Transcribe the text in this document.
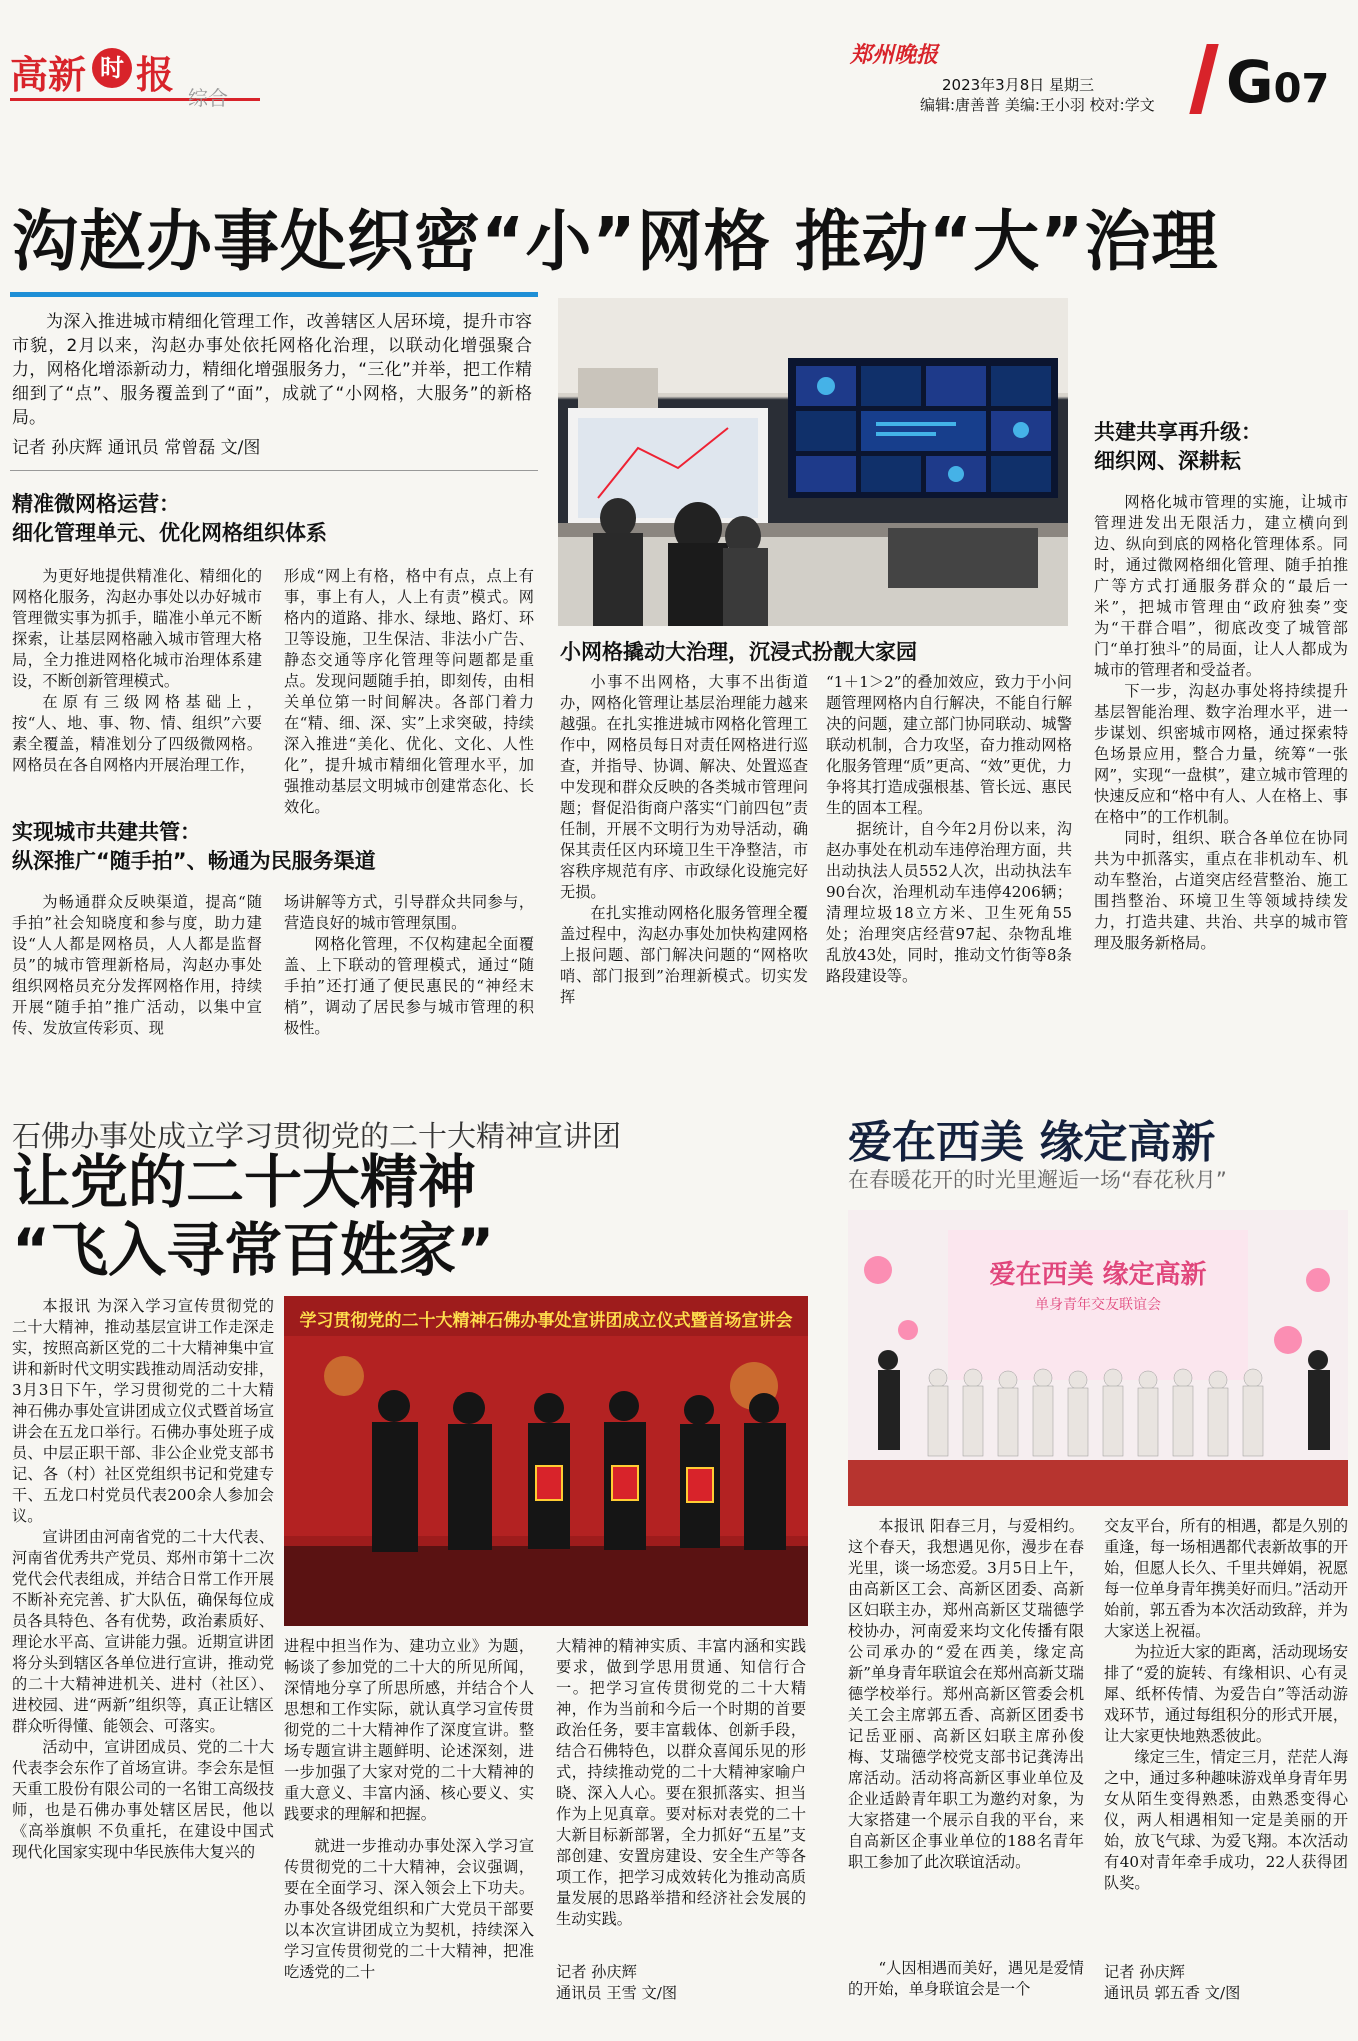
高新 时 报
综合
郑州晚报
2023年3月8日 星期三
编辑:唐善普 美编:王小羽 校对:学文 G07
沟赵办事处织密“小”网格 推动“大”治理

为深入推进城市精细化管理工作，改善辖区人居环境，提升市容市貌，2月以来，沟赵办事处依托网格化治理，以联动化增强聚合力，网格化增添新动力，精细化增强服务力，“三化”并举，把工作精细到了“点”、服务覆盖到了“面”，成就了“小网格，大服务”的新格局。

记者 孙庆辉 通讯员 常曾磊 文/图

精准微网格运营：

细化管理单元、优化网格组织体系

为更好地提供精准化、精细化的网格化服务，沟赵办事处以办好城市管理微实事为抓手，瞄准小单元不断探索，让基层网格融入城市管理大格局，全力推进网格化城市治理体系建设，不断创新管理模式。

在原有三级网格基础上，按“人、地、事、物、情、组织”六要素全覆盖，精准划分了四级微网格。网格员在各自网格内开展治理工作，

形成“网上有格，格中有点，点上有事，事上有人，人上有责”模式。网格内的道路、排水、绿地、路灯、环卫等设施，卫生保洁、非法小广告、静态交通等序化管理等问题都是重点。发现问题随手拍，即刻传，由相关单位第一时间解决。各部门着力在“精、细、深、实”上求突破，持续深入推进“美化、优化、文化、人性化”，提升城市精细化管理水平，加强推动基层文明城市创建常态化、长效化。

实现城市共建共管：

纵深推广“随手拍”、畅通为民服务渠道

为畅通群众反映渠道，提高“随手拍”社会知晓度和参与度，助力建设“人人都是网格员，人人都是监督员”的城市管理新格局，沟赵办事处组织网格员充分发挥网格作用，持续开展“随手拍”推广活动，以集中宣传、发放宣传彩页、现

场讲解等方式，引导群众共同参与，营造良好的城市管理氛围。

网格化管理，不仅构建起全面覆盖、上下联动的管理模式，通过“随手拍”还打通了便民惠民的“神经末梢”，调动了居民参与城市管理的积极性。

小网格撬动大治理，沉浸式扮靓大家园

小事不出网格，大事不出街道办，网格化管理让基层治理能力越来越强。在扎实推进城市网格化管理工作中，网格员每日对责任网格进行巡查，并指导、协调、解决、处置巡查中发现和群众反映的各类城市管理问题；督促沿街商户落实“门前四包”责任制，开展不文明行为劝导活动，确保其责任区内环境卫生干净整洁，市容秩序规范有序、市政绿化设施完好无损。

在扎实推动网格化服务管理全覆盖过程中，沟赵办事处加快构建网格上报问题、部门解决问题的“网格吹哨、部门报到”治理新模式。切实发挥

“1＋1＞2”的叠加效应，致力于小问题管理网格内自行解决，不能自行解决的问题，建立部门协同联动、城警联动机制，合力攻坚，奋力推动网格化服务管理“质”更高、“效”更优，力争将其打造成强根基、管长远、惠民生的固本工程。

据统计，自今年2月份以来，沟赵办事处在机动车违停治理方面，共出动执法人员552人次，出动执法车90台次，治理机动车违停4206辆；清理垃圾18立方米、卫生死角55处；治理突店经营97起、杂物乱堆乱放43处，同时，推动文竹街等8条路段建设等。

共建共享再升级：

细织网、深耕耘

网格化城市管理的实施，让城市管理进发出无限活力，建立横向到边、纵向到底的网格化管理体系。同时，通过微网格细化管理、随手拍推广等方式打通服务群众的“最后一米”，把城市管理由“政府独奏”变为“干群合唱”，彻底改变了城管部门“单打独斗”的局面，让人人都成为城市的管理者和受益者。

下一步，沟赵办事处将持续提升基层智能治理、数字治理水平，进一步谋划、织密城市网格，通过探索特色场景应用，整合力量，统筹“一张网”，实现“一盘棋”，建立城市管理的快速反应和“格中有人、人在格上、事在格中”的工作机制。

同时，组织、联合各单位在协同共为中抓落实，重点在非机动车、机动车整治，占道突店经营整治、施工围挡整治、环境卫生等领域持续发力，打造共建、共治、共享的城市管理及服务新格局。

石佛办事处成立学习贯彻党的二十大精神宣讲团
让党的二十大精神
“飞入寻常百姓家”

本报讯 为深入学习宣传贯彻党的二十大精神，推动基层宣讲工作走深走实，按照高新区党的二十大精神集中宣讲和新时代文明实践推动周活动安排，3月3日下午，学习贯彻党的二十大精神石佛办事处宣讲团成立仪式暨首场宣讲会在五龙口举行。石佛办事处班子成员、中层正职干部、非公企业党支部书记、各（村）社区党组织书记和党建专干、五龙口村党员代表200余人参加会议。

宣讲团由河南省党的二十大代表、河南省优秀共产党员、郑州市第十二次党代会代表组成，并结合日常工作开展不断补充完善、扩大队伍，确保每位成员各具特色、各有优势，政治素质好、理论水平高、宣讲能力强。近期宣讲团将分头到辖区各单位进行宣讲，推动党的二十大精神进机关、进村（社区）、进校园、进“两新”组织等，真正让辖区群众听得懂、能领会、可落实。

活动中，宣讲团成员、党的二十大代表李会东作了首场宣讲。李会东是恒天重工股份有限公司的一名钳工高级技师，也是石佛办事处辖区居民，他以《高举旗帜 不负重托，在建设中国式现代化国家实现中华民族伟大复兴的

学习贯彻党的二十大精神石佛办事处宣讲团成立仪式暨首场宣讲会

进程中担当作为、建功立业》为题，畅谈了参加党的二十大的所见所闻，深情地分享了所思所感，并结合个人思想和工作实际，就认真学习宣传贯彻党的二十大精神作了深度宣讲。整场专题宣讲主题鲜明、论述深刻，进一步加强了大家对党的二十大精神的重大意义、丰富内涵、核心要义、实践要求的理解和把握。

就进一步推动办事处深入学习宣传贯彻党的二十大精神，会议强调，要在全面学习、深入领会上下功夫。办事处各级党组织和广大党员干部要以本次宣讲团成立为契机，持续深入学习宣传贯彻党的二十大精神，把准吃透党的二十

大精神的精神实质、丰富内涵和实践要求，做到学思用贯通、知信行合一。把学习宣传贯彻党的二十大精神，作为当前和今后一个时期的首要政治任务，要丰富载体、创新手段，结合石佛特色，以群众喜闻乐见的形式，持续推动党的二十大精神家喻户晓、深入人心。要在狠抓落实、担当作为上见真章。要对标对表党的二十大新目标新部署，全力抓好“五星”支部创建、安置房建设、安全生产等各项工作，把学习成效转化为推动高质量发展的思路举措和经济社会发展的生动实践。

记者 孙庆辉
通讯员 王雪 文/图
爱在西美 缘定高新
在春暖花开的时光里邂逅一场“春花秋月”
爱在西美 缘定高新
单身青年交友联谊会

本报讯 阳春三月，与爱相约。这个春天，我想遇见你，漫步在春光里，谈一场恋爱。3月5日上午，由高新区工会、高新区团委、高新区妇联主办，郑州高新区艾瑞德学校协办，河南爱来均文化传播有限公司承办的“爱在西美，缘定高新”单身青年联谊会在郑州高新艾瑞德学校举行。郑州高新区管委会机关工会主席郭五香、高新区团委书记岳亚丽、高新区妇联主席孙俊梅、艾瑞德学校党支部书记龚涛出席活动。活动将高新区事业单位及企业适龄青年职工为邀约对象，为大家搭建一个展示自我的平台，来自高新区企事业单位的188名青年职工参加了此次联谊活动。

“人因相遇而美好，遇见是爱情的开始，单身联谊会是一个

交友平台，所有的相遇，都是久别的重逢，每一场相遇都代表新故事的开始，但愿人长久、千里共婵娟，祝愿每一位单身青年携美好而归。”活动开始前，郭五香为本次活动致辞，并为大家送上祝福。

为拉近大家的距离，活动现场安排了“爱的旋转、有缘相识、心有灵犀、纸杯传情、为爱告白”等活动游戏环节，通过每组积分的形式开展，让大家更快地熟悉彼此。

缘定三生，情定三月，茫茫人海之中，通过多种趣味游戏单身青年男女从陌生变得熟悉，由熟悉变得心仪，两人相遇相知一定是美丽的开始，放飞气球、为爱飞翔。本次活动有40对青年牵手成功，22人获得团队奖。

记者 孙庆辉
通讯员 郭五香 文/图
